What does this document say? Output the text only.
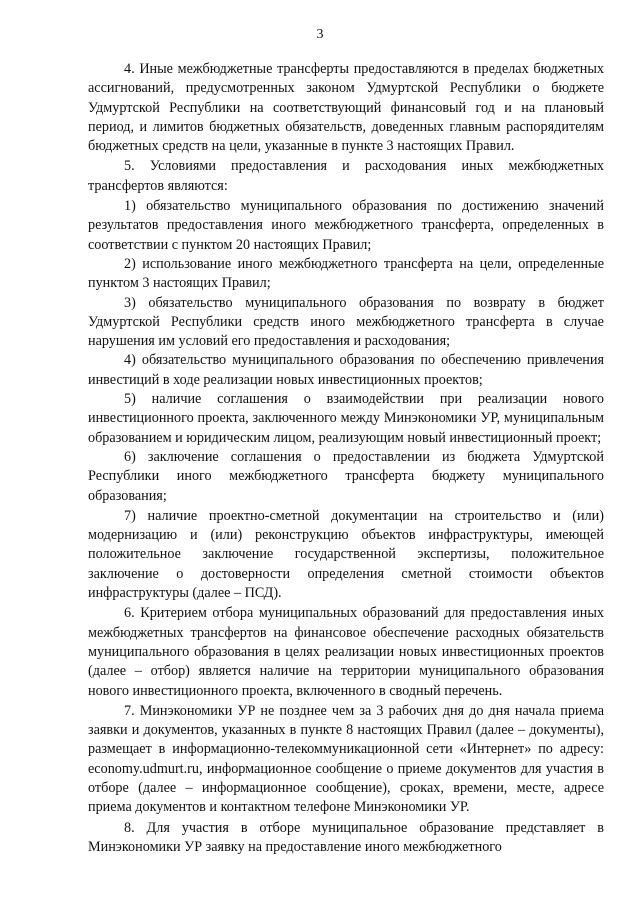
3

4. Иные межбюджетные трансферты предоставляются в пределах бюджетных ассигнований, предусмотренных законом Удмуртской Республики о бюджете Удмуртской Республики на соответствующий финансовый год и на плановый период, и лимитов бюджетных обязательств, доведенных главным распорядителям бюджетных средств на цели, указанные в пункте 3 настоящих Правил.

5. Условиями предоставления и расходования иных межбюджетных трансфертов являются:

1) обязательство муниципального образования по достижению значений результатов предоставления иного межбюджетного трансферта, определенных в соответствии с пунктом 20 настоящих Правил;

2) использование иного межбюджетного трансферта на цели, определенные пунктом 3 настоящих Правил;

3) обязательство муниципального образования по возврату в бюджет Удмуртской Республики средств иного межбюджетного трансферта в случае нарушения им условий его предоставления и расходования;

4) обязательство муниципального образования по обеспечению привлечения инвестиций в ходе реализации новых инвестиционных проектов;

5) наличие соглашения о взаимодействии при реализации нового инвестиционного проекта, заключенного между Минэкономики УР, муниципальным образованием и юридическим лицом, реализующим новый инвестиционный проект;

6) заключение соглашения о предоставлении из бюджета Удмуртской Республики иного межбюджетного трансферта бюджету муниципального образования;

7) наличие проектно-сметной документации на строительство и (или) модернизацию и (или) реконструкцию объектов инфраструктуры, имеющей положительное заключение государственной экспертизы, положительное заключение о достоверности определения сметной стоимости объектов инфраструктуры (далее – ПСД).

6. Критерием отбора муниципальных образований для предоставления иных межбюджетных трансфертов на финансовое обеспечение расходных обязательств муниципального образования в целях реализации новых инвестиционных проектов (далее – отбор) является наличие на территории муниципального образования нового инвестиционного проекта, включенного в сводный перечень.

7. Минэкономики УР не позднее чем за 3 рабочих дня до дня начала приема заявки и документов, указанных в пункте 8 настоящих Правил (далее – документы), размещает в информационно-телекоммуникационной сети «Интернет» по адресу: economy.udmurt.ru, информационное сообщение о приеме документов для участия в отборе (далее – информационное сообщение), сроках, времени, месте, адресе приема документов и контактном телефоне Минэкономики УР.

8. Для участия в отборе муниципальное образование представляет в Минэкономики УР заявку на предоставление иного межбюджетного
